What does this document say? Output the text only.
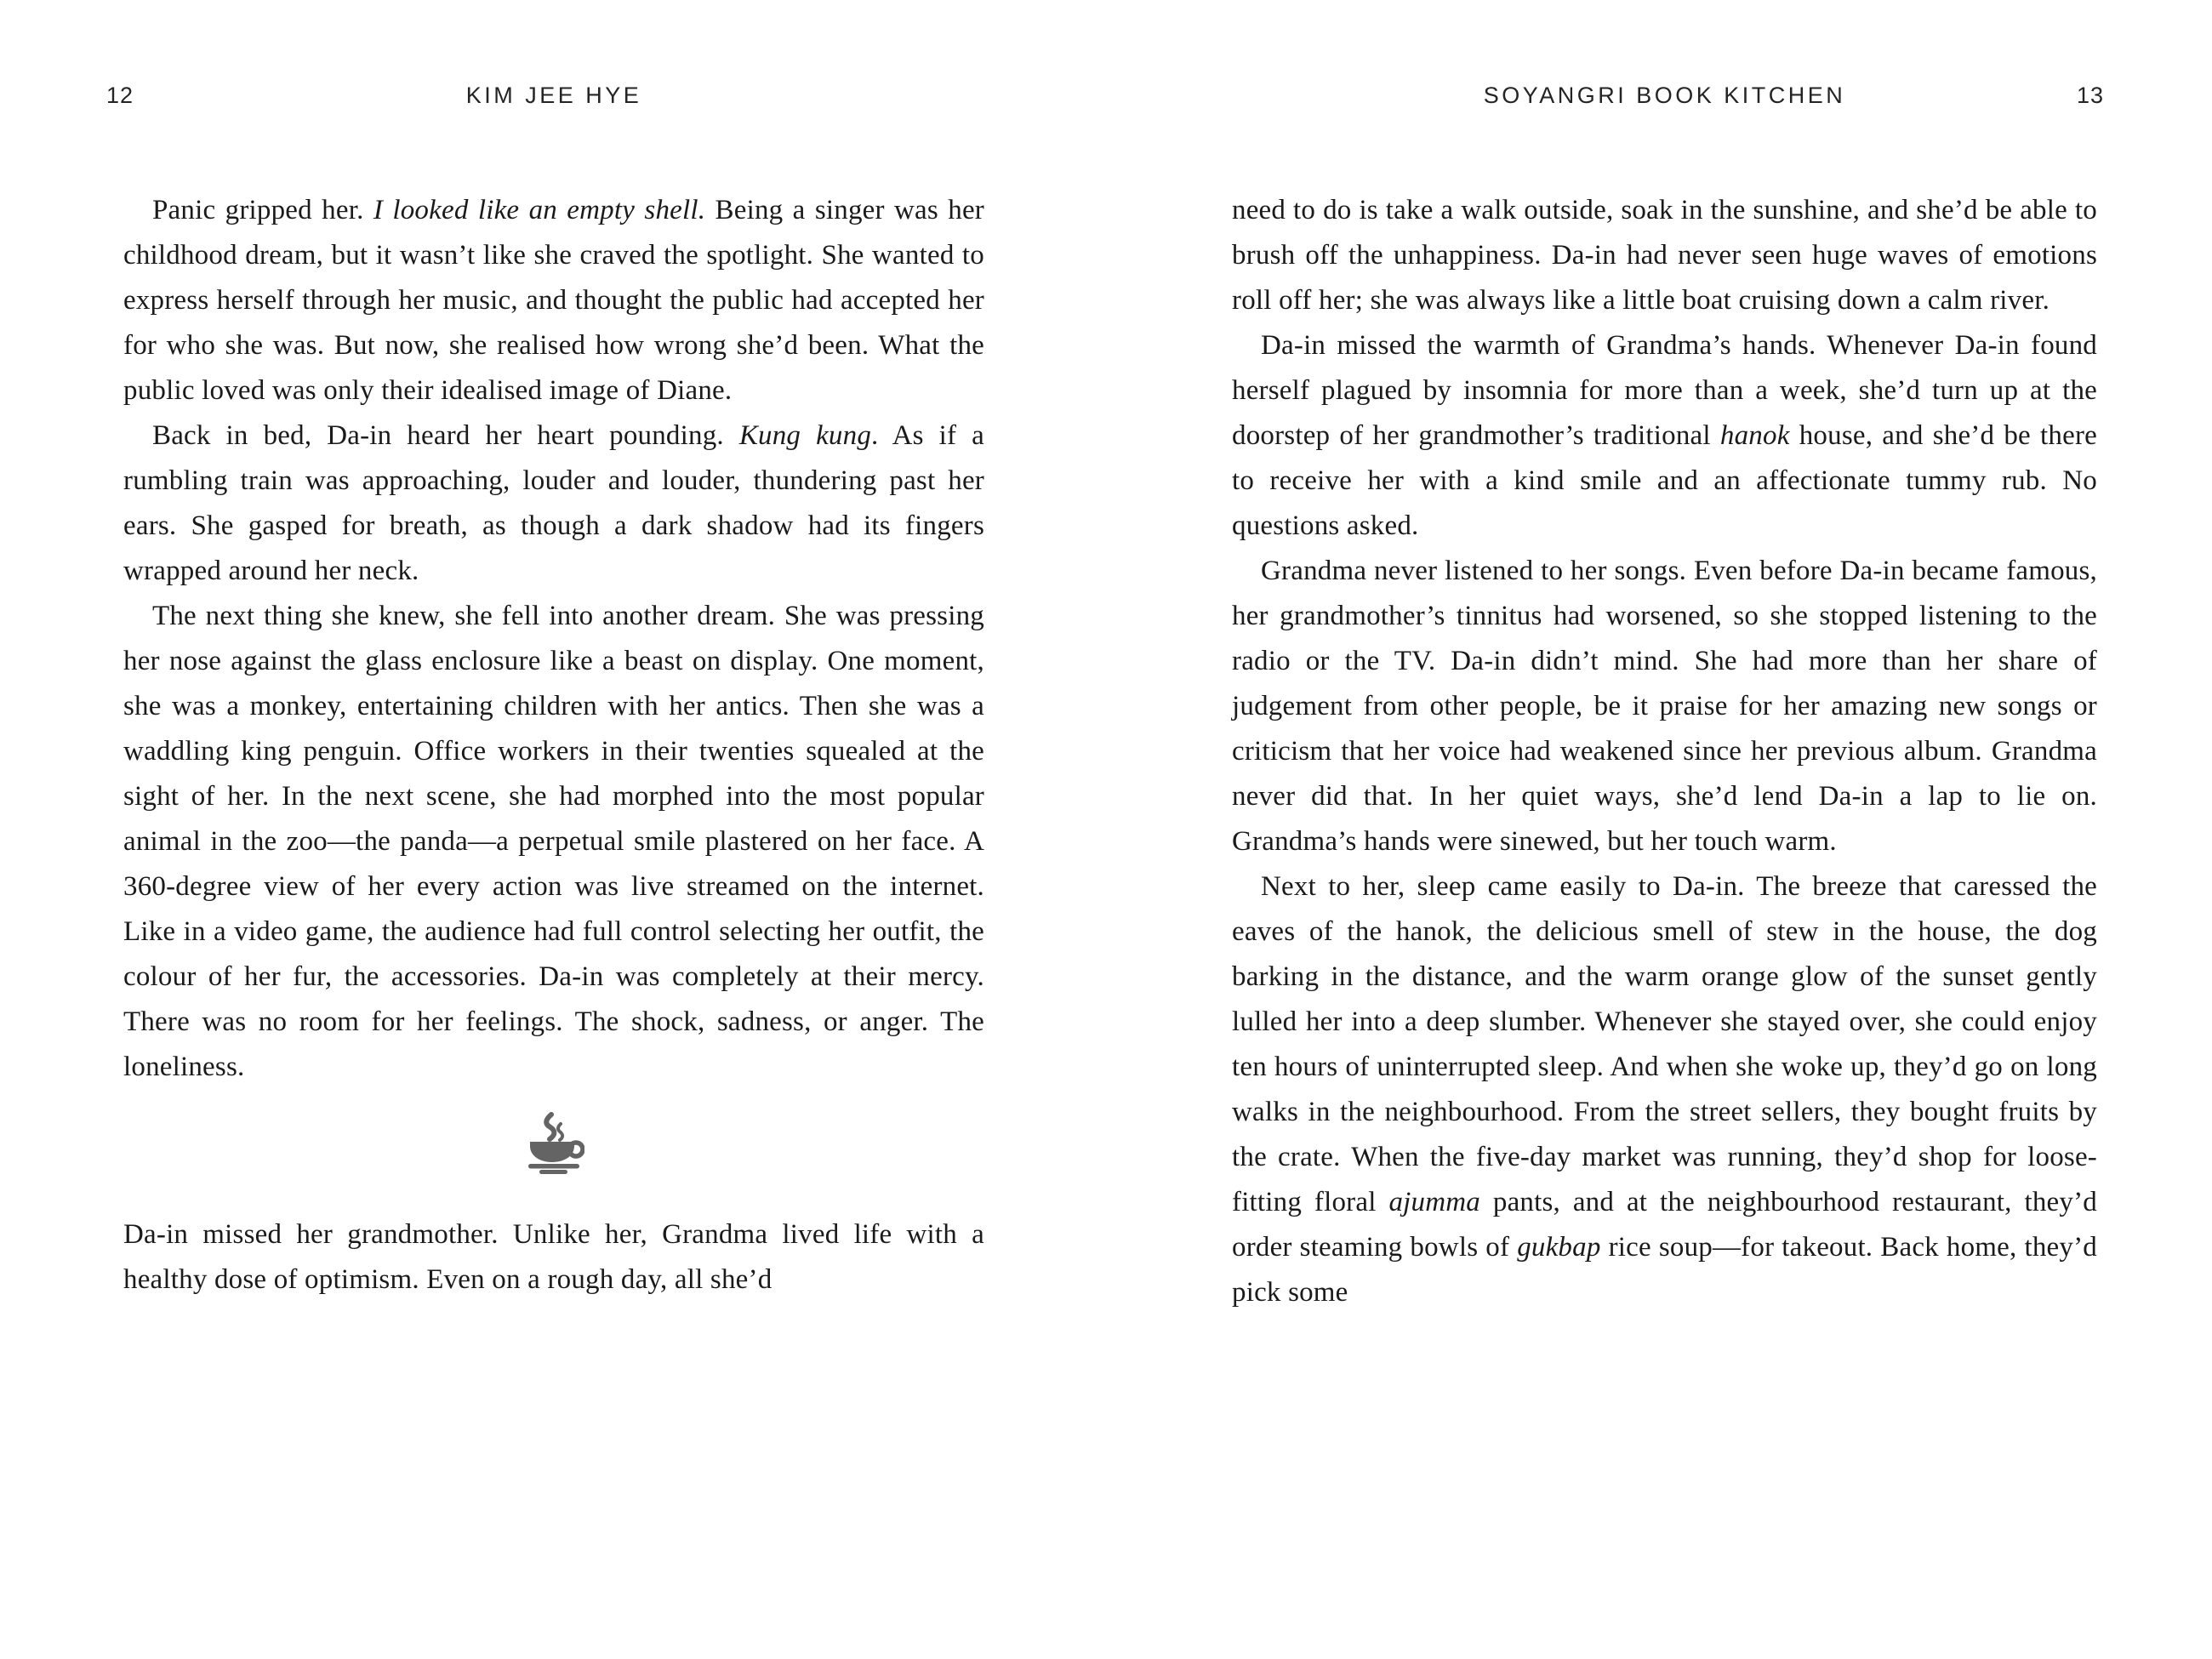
12	KIM JEE HYE

Panic gripped her. I looked like an empty shell. Being a singer was her childhood dream, but it wasn’t like she craved the spotlight. She wanted to express herself through her music, and thought the public had accepted her for who she was. But now, she realised how wrong she’d been. What the public loved was only their idealised image of Diane.

Back in bed, Da-in heard her heart pounding. Kung kung. As if a rumbling train was approaching, louder and louder, thundering past her ears. She gasped for breath, as though a dark shadow had its fingers wrapped around her neck.

The next thing she knew, she fell into another dream. She was pressing her nose against the glass enclosure like a beast on display. One moment, she was a monkey, entertaining children with her antics. Then she was a waddling king penguin. Office workers in their twenties squealed at the sight of her. In the next scene, she had morphed into the most popular animal in the zoo—the panda—a perpetual smile plastered on her face. A 360-degree view of her every action was live streamed on the internet. Like in a video game, the audience had full control selecting her outfit, the colour of her fur, the accessories. Da-in was completely at their mercy. There was no room for her feelings. The shock, sadness, or anger. The loneliness.

Da-in missed her grandmother. Unlike her, Grandma lived life with a healthy dose of optimism. Even on a rough day, all she’d

SOYANGRI BOOK KITCHEN	13

need to do is take a walk outside, soak in the sunshine, and she’d be able to brush off the unhappiness. Da-in had never seen huge waves of emotions roll off her; she was always like a little boat cruising down a calm river.

Da-in missed the warmth of Grandma’s hands. Whenever Da-in found herself plagued by insomnia for more than a week, she’d turn up at the doorstep of her grandmother’s traditional hanok house, and she’d be there to receive her with a kind smile and an affectionate tummy rub. No questions asked.

Grandma never listened to her songs. Even before Da-in became famous, her grandmother’s tinnitus had worsened, so she stopped listening to the radio or the TV. Da-in didn’t mind. She had more than her share of judgement from other people, be it praise for her amazing new songs or criticism that her voice had weakened since her previous album. Grandma never did that. In her quiet ways, she’d lend Da-in a lap to lie on. Grandma’s hands were sinewed, but her touch warm.

Next to her, sleep came easily to Da-in. The breeze that caressed the eaves of the hanok, the delicious smell of stew in the house, the dog barking in the distance, and the warm orange glow of the sunset gently lulled her into a deep slumber. Whenever she stayed over, she could enjoy ten hours of uninterrupted sleep. And when she woke up, they’d go on long walks in the neighbourhood. From the street sellers, they bought fruits by the crate. When the five-day market was running, they’d shop for loose-fitting floral ajumma pants, and at the neighbourhood restaurant, they’d order steaming bowls of gukbap rice soup—for takeout. Back home, they’d pick some
